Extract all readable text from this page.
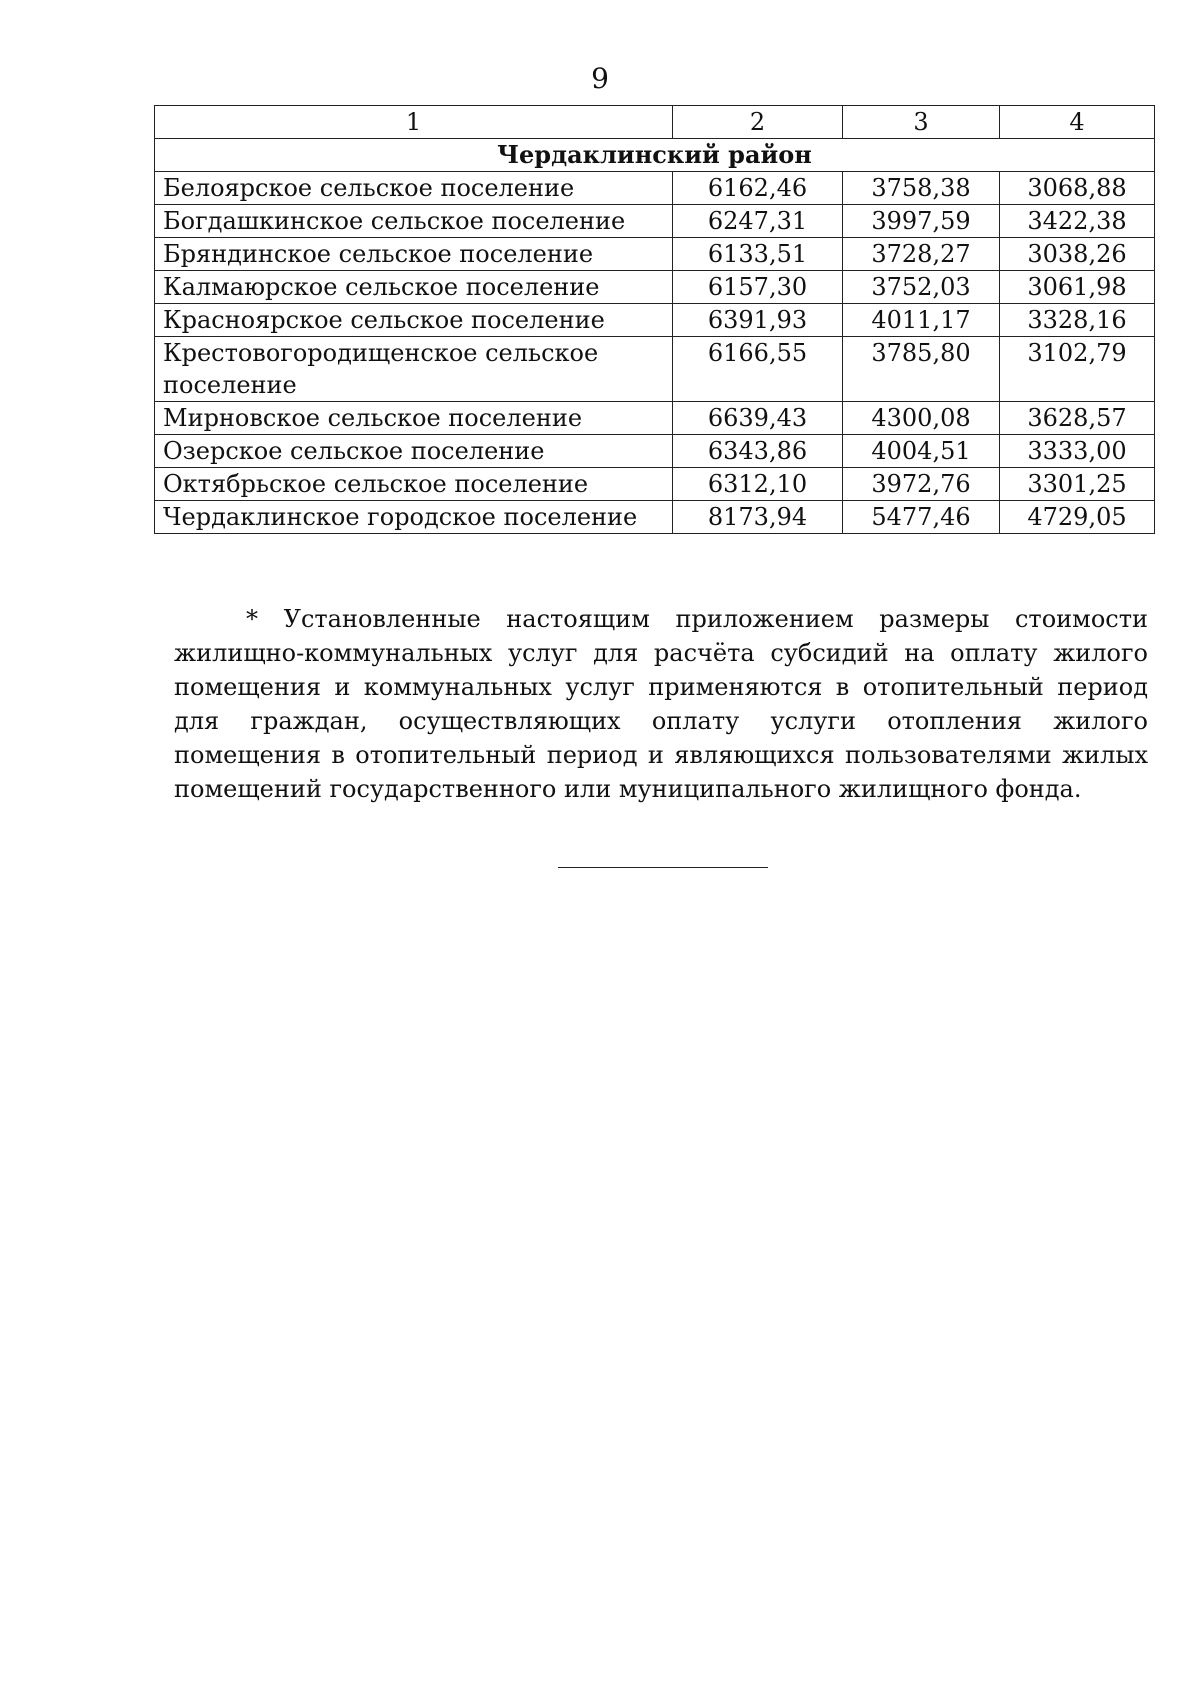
9
1	2	3	4
Чердаклинский район			
Белоярское сельское поселение	6162,46	3758,38	3068,88
Богдашкинское сельское поселение	6247,31	3997,59	3422,38
Бряндинское сельское поселение	6133,51	3728,27	3038,26
Калмаюрское сельское поселение	6157,30	3752,03	3061,98
Красноярское сельское поселение	6391,93	4011,17	3328,16
Крестовогородищенское сельское поселение	6166,55	3785,80	3102,79
Мирновское сельское поселение	6639,43	4300,08	3628,57
Озерское сельское поселение	6343,86	4004,51	3333,00
Октябрьское сельское поселение	6312,10	3972,76	3301,25
Чердаклинское городское поселение	8173,94	5477,46	4729,05

* Установленные настоящим приложением размеры стоимости жилищно-коммунальных услуг для расчёта субсидий на оплату жилого помещения и коммунальных услуг применяются в отопительный период для граждан, осуществляющих оплату услуги отопления жилого помещения в отопительный период и являющихся пользователями жилых помещений государственного или муниципального жилищного фонда.
